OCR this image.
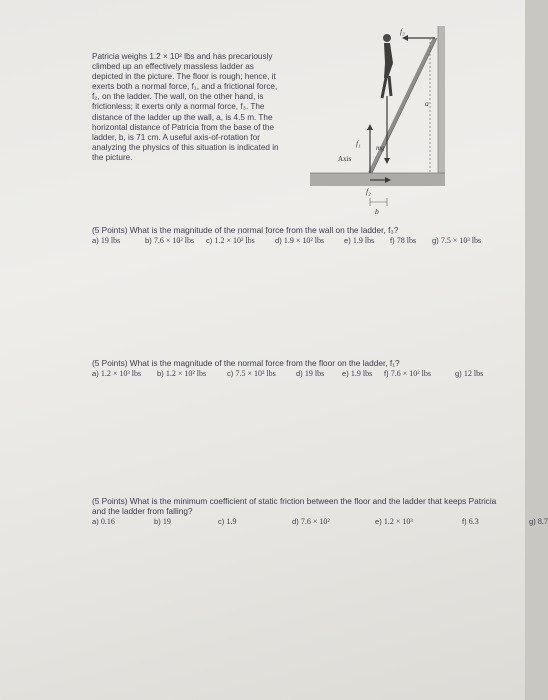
Patricia weighs 1.2 × 10² lbs and has precariously climbed up an effectively massless ladder as depicted in the picture. The floor is rough; hence, it exerts both a normal force, f₁, and a frictional force, f₂, on the ladder. The wall, on the other hand, is frictionless; it exerts only a normal force, f₃. The distance of the ladder up the wall, a, is 4.5 m. The horizontal distance of Patricia from the base of the ladder, b, is 71 cm. A useful axis-of-rotation for analyzing the physics of this situation is indicated in the picture.

mg
f₁
f₃
f₂
Axis
a
b
(5 Points) What is the magnitude of the normal force from the wall on the ladder, f₃?
a) 19 lbs	b) 7.6 × 10² lbs c) 1.2 × 10² lbs	d) 1.9 × 10² lbs	e) 1.9 lbs f) 78 lbs g) 7.5 × 10³ lbs
(5 Points) What is the magnitude of the normal force from the floor on the ladder, f₁?
a) 1.2 × 10³ lbs b) 1.2 × 10² lbs	c) 7.5 × 10³ lbs	d) 19 lbs e) 1.9 lbs f) 7.6 × 10² lbs	g) 12 lbs
(5 Points) What is the minimum coefficient of static friction between the floor and the ladder that keeps Patricia and the ladder from falling?
a) 0.16	b) 19	c) 1.9	d) 7.6 × 10²	e) 1.2 × 10³	f) 6.3	g) 8.7
